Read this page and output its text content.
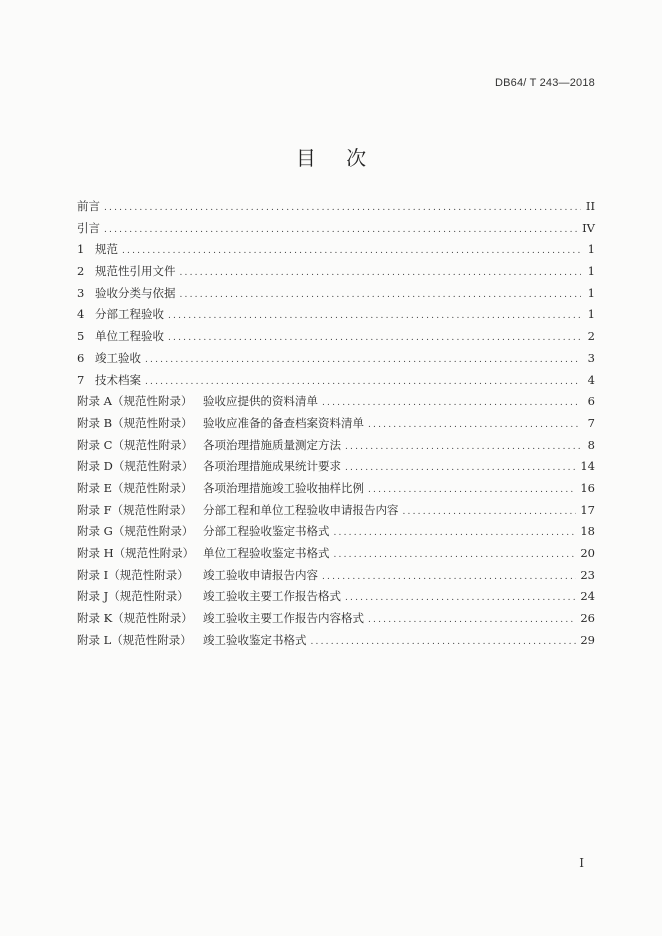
DB64/ T 243—2018
目 次
前言 .....	II
引言 .....	IV
1 规范 .....	1
2 规范性引用文件 .....	1
3 验收分类与依据 .....	1
4 分部工程验收 .....	1
5 单位工程验收 .....	2
6 竣工验收 .....	3
7 技术档案 .....	4
附录 A（规范性附录） 验收应提供的资料清单 .....	6
附录 B（规范性附录） 验收应准备的备查档案资料清单 .....	7
附录 C（规范性附录） 各项治理措施质量测定方法 .....	8
附录 D（规范性附录） 各项治理措施成果统计要求 .....	14
附录 E（规范性附录） 各项治理措施竣工验收抽样比例 .....	16
附录 F（规范性附录） 分部工程和单位工程验收申请报告内容 .....	17
附录 G（规范性附录） 分部工程验收鉴定书格式 .....	18
附录 H（规范性附录） 单位工程验收鉴定书格式 .....	20
附录 I（规范性附录）	竣工验收申请报告内容 .....	23
附录 J（规范性附录）	竣工验收主要工作报告格式 .....	24
附录 K（规范性附录） 竣工验收主要工作报告内容格式 .....	26
附录 L（规范性附录） 竣工验收鉴定书格式 .....	29
I
